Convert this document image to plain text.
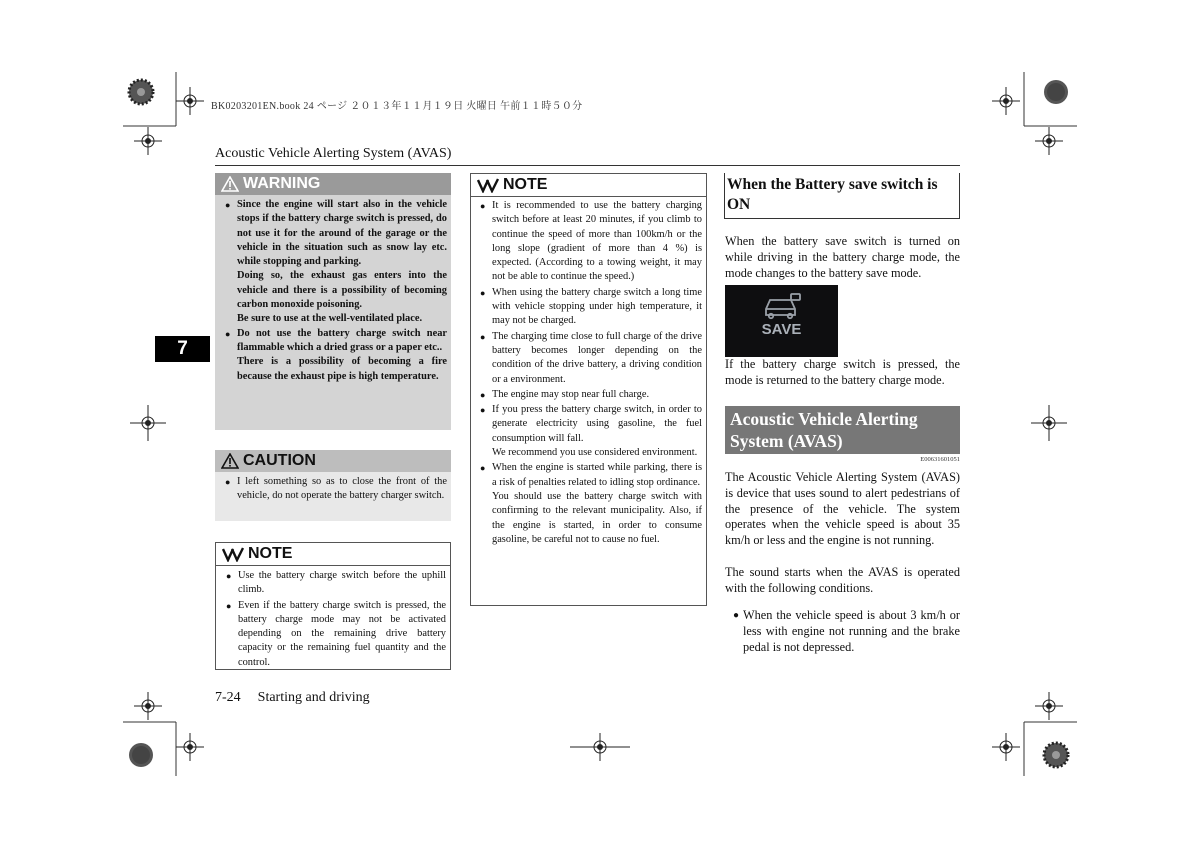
BK0203201EN.book 24 ページ ２０１３年１１月１９日 火曜日 午前１１時５０分
Acoustic Vehicle Alerting System (AVAS)
7
WARNING

● Since the engine will start also in the vehicle stops if the battery charge switch is pressed, do not use it for the around of the garage or the vehicle in the situation such as snow lay etc. while stopping and parking.

Doing so, the exhaust gas enters into the vehicle and there is a possibility of becoming carbon monoxide poisoning.

Be sure to use at the well-ventilated place.

● Do not use the battery charge switch near flammable which a dried grass or a paper etc..

There is a possibility of becoming a fire because the exhaust pipe is high temperature.

CAUTION

● I left something so as to close the front of the vehicle, do not operate the battery charger switch.

NOTE

● Use the battery charge switch before the uphill climb.

● Even if the battery charge switch is pressed, the battery charge mode may not be activated depending on the remaining drive battery capacity or the remaining fuel quantity and the control.

NOTE

● It is recommended to use the battery charging switch before at least 20 minutes, if you climb to continue the speed of more than 100km/h or the long slope (gradient of more than 4 %) is expected. (According to a towing weight, it may not be able to continue the speed.)

● When using the battery charge switch a long time with vehicle stopping under high temperature, it may not be charged.

● The charging time close to full charge of the drive battery becomes longer depending on the condition of the drive battery, a driving condition or a environment.

● The engine may stop near full charge.

● If you press the battery charge switch, in order to generate electricity using gasoline, the fuel consumption will fall.

We recommend you use considered environment.

● When the engine is started while parking, there is a risk of penalties related to idling stop ordinance.

You should use the battery charge switch with confirming to the relevant municipality. Also, if the engine is started, in order to consume gasoline, be careful not to cause no fuel.

When the Battery save switch is ON
When the battery save switch is turned on while driving in the battery charge mode, the mode changes to the battery save mode.
SAVE
If the battery charge switch is pressed, the mode is returned to the battery charge mode.
Acoustic Vehicle Alerting System (AVAS)
E00631601051
The Acoustic Vehicle Alerting System (AVAS) is device that uses sound to alert pedestrians of the presence of the vehicle. The system operates when the vehicle speed is about 35 km/h or less and the engine is not running.
The sound starts when the AVAS is operated with the following conditions.
● When the vehicle speed is about 3 km/h or less with engine not running and the brake pedal is not depressed.
7-24 Starting and driving
